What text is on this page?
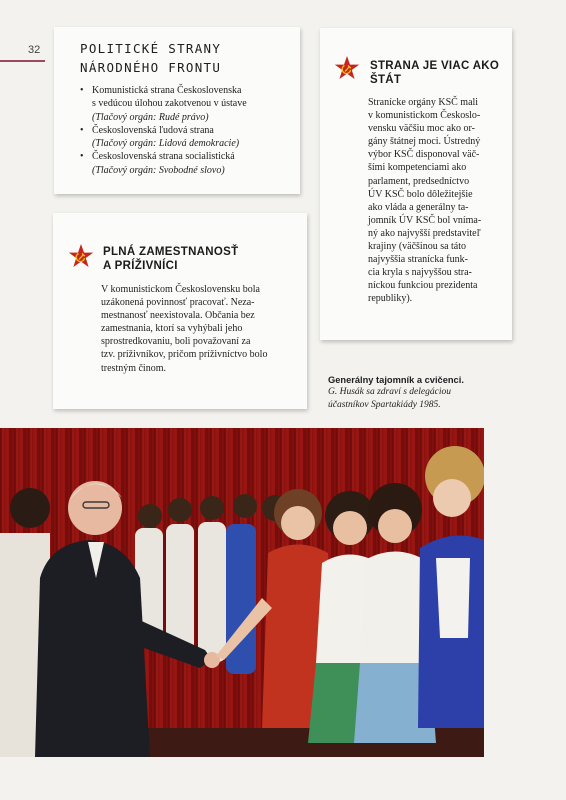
32	POLITICKÉ STRANY
NÁRODNÉHO FRONTU
• Komunistická strana Československa
s vedúcou úlohou zakotvenou v ústave
(Tlačový orgán: Rudé právo)
• Československá ľudová strana
(Tlačový orgán: Lidová demokracie)
• Československá strana socialistická
(Tlačový orgán: Svobodné slovo)
PLNÁ ZAMESTNANOSŤ
A PRÍŽIVNÍCI
V komunistickom Československu bola
uzákonená povinnosť pracovať. Neza-
mestnanosť neexistovala. Občania bez
zamestnania, ktorí sa vyhýbali jeho
sprostredkovaniu, boli považovaní za
tzv. príživníkov, pričom príživníctvo bolo
trestným činom.
STRANA JE VIAC AKO
ŠTÁT
Stranícke orgány KSČ mali
v komunistickom Českoslo-
vensku väčšiu moc ako or-
gány štátnej moci. Ústredný
výbor KSČ disponoval väč-
šími kompetenciami ako
parlament, predsedníctvo
ÚV KSČ bolo dôležitejšie
ako vláda a generálny ta-
jomník ÚV KSČ bol vníma-
ný ako najvyšší predstaviteľ
krajiny (väčšinou sa táto
najvyššia stranícka funk-
cia kryla s najvyššou stra-
níckou funkciou prezidenta
republiky).
Generálny tajomník a cvičenci.
G. Husák sa zdraví s delegáciou
účastníkov Spartakiády 1985.
